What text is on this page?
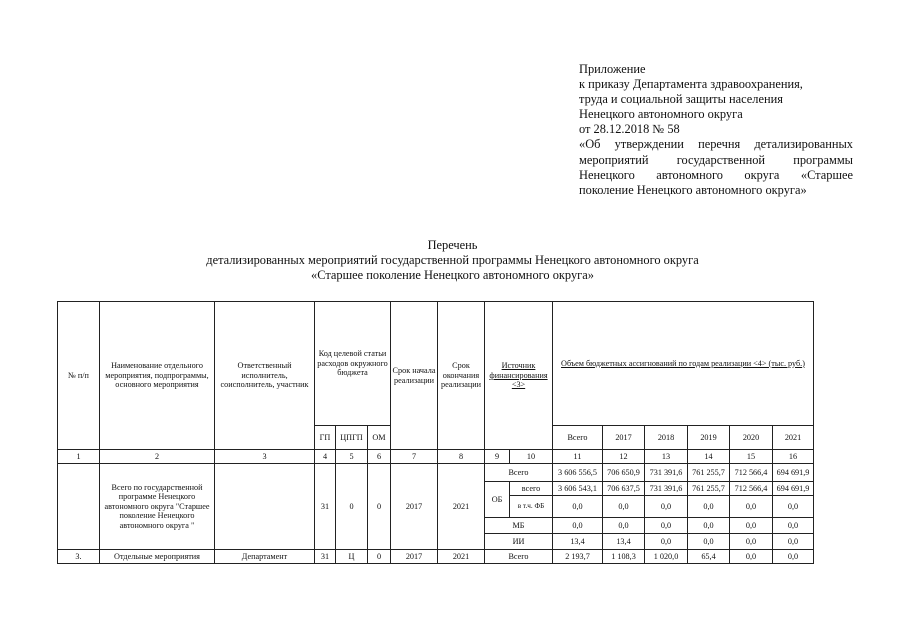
Приложение
к приказу Департамента здравоохранения,
труда и социальной защиты населения
Ненецкого автономного округа
от 28.12.2018 № 58
«Об утверждении перечня детализированных
мероприятий государственной программы
Ненецкого автономного округа «Старшее
поколение Ненецкого автономного округа»
Перечень
детализированных мероприятий государственной программы Ненецкого автономного округа
«Старшее поколение Ненецкого автономного округа»
№ п/п	Наименование отдельного мероприятия, подпрограммы, основного мероприятия	Ответственный исполнитель, соисполнитель, участник	Код целевой статьи расходов окружного бюджета			Срок начала реализации	Срок окончания реализации	Источник финансирования <3>		Объем бюджетных ассигнований по годам реализации <4> (тыс. руб.)					
			ГП	ЦПГП	ОМ					Всего	2017	2018	2019	2020	2021
1	2	3	4	5	6	7	8	9	10	11	12	13	14	15	16
	Всего по государственной программе Ненецкого автономного округа "Старшее поколение Ненецкого автономного округа "		31	0	0	2017	2021	Всего		3 606 556,5	706 650,9	731 391,6	761 255,7	712 566,4	694 691,9
								ОБ	всего	3 606 543,1	706 637,5	731 391,6	761 255,7	712 566,4	694 691,9
									в т.ч. ФБ	0,0	0,0	0,0	0,0	0,0	0,0
								МБ		0,0	0,0	0,0	0,0	0,0	0,0
								ИИ		13,4	13,4	0,0	0,0	0,0	0,0
3.	Отдельные мероприятия	Департамент	31	Ц	0	2017	2021	Всего		2 193,7	1 108,3	1 020,0	65,4	0,0	0,0
